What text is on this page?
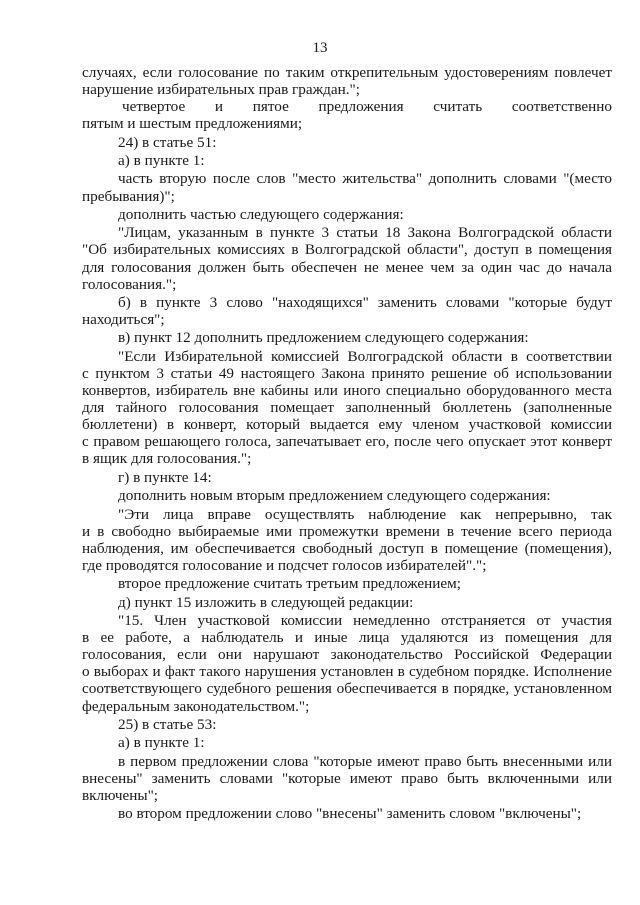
13
случаях, если голосование по таким открепительным удостоверениям повлечет
нарушение избирательных прав граждан.";
четвертое и пятое предложения считать соответственно
пятым и шестым предложениями;
24) в статье 51:
а) в пункте 1:
часть вторую после слов "место жительства" дополнить словами "(место
пребывания)";
дополнить частью следующего содержания:
"Лицам, указанным в пункте 3 статьи 18 Закона Волгоградской области
"Об избирательных комиссиях в Волгоградской области", доступ в помещения
для голосования должен быть обеспечен не менее чем за один час до начала
голосования.";
б) в пункте 3 слово "находящихся" заменить словами "которые будут
находиться";
в) пункт 12 дополнить предложением следующего содержания:
"Если Избирательной комиссией Волгоградской области в соответствии
с пунктом 3 статьи 49 настоящего Закона принято решение об использовании
конвертов, избиратель вне кабины или иного специально оборудованного места
для тайного голосования помещает заполненный бюллетень (заполненные
бюллетени) в конверт, который выдается ему членом участковой комиссии
с правом решающего голоса, запечатывает его, после чего опускает этот конверт
в ящик для голосования.";
г) в пункте 14:
дополнить новым вторым предложением следующего содержания:
"Эти лица вправе осуществлять наблюдение как непрерывно, так
и в свободно выбираемые ими промежутки времени в течение всего периода
наблюдения, им обеспечивается свободный доступ в помещение (помещения),
где проводятся голосование и подсчет голосов избирателей".";
второе предложение считать третьим предложением;
д) пункт 15 изложить в следующей редакции:
"15. Член участковой комиссии немедленно отстраняется от участия
в ее работе, а наблюдатель и иные лица удаляются из помещения для
голосования, если они нарушают законодательство Российской Федерации
о выборах и факт такого нарушения установлен в судебном порядке. Исполнение
соответствующего судебного решения обеспечивается в порядке, установленном
федеральным законодательством.";
25) в статье 53:
а) в пункте 1:
в первом предложении слова "которые имеют право быть внесенными или
внесены" заменить словами "которые имеют право быть включенными или
включены";
во втором предложении слово "внесены" заменить словом "включены";
